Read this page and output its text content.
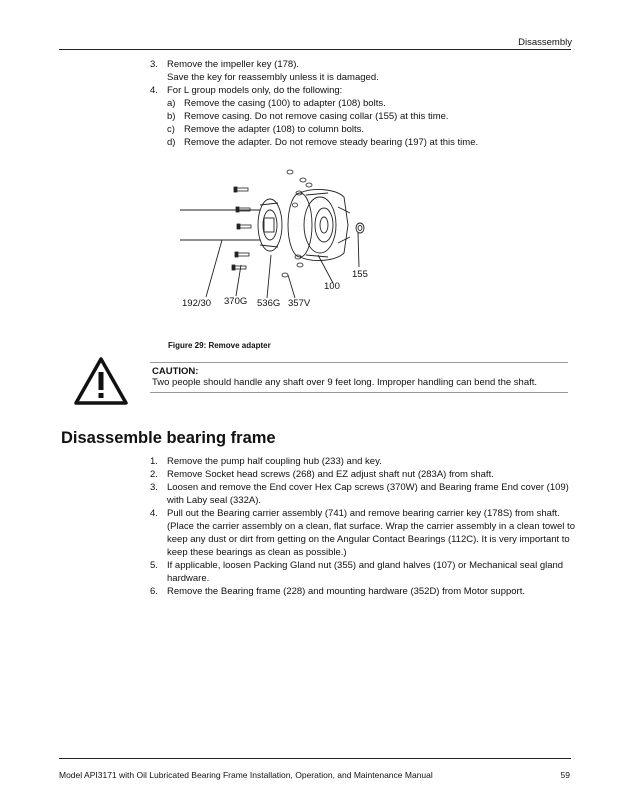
Disassembly
3. Remove the impeller key (178).
Save the key for reassembly unless it is damaged.
4. For L group models only, do the following:
a) Remove the casing (100) to adapter (108) bolts.
b) Remove casing. Do not remove casing collar (155) at this time.
c) Remove the adapter (108) to column bolts.
d) Remove the adapter. Do not remove steady bearing (197) at this time.
192/30 370G 536G 357V
100
155
Figure 29: Remove adapter
CAUTION:
Two people should handle any shaft over 9 feet long. Improper handling can bend the shaft.
Disassemble bearing frame
1. Remove the pump half coupling hub (233) and key.
2. Remove Socket head screws (268) and EZ adjust shaft nut (283A) from shaft.
3. Loosen and remove the End cover Hex Cap screws (370W) and Bearing frame End cover (109) with Laby seal (332A).
4. Pull out the Bearing carrier assembly (741) and remove bearing carrier key (178S) from shaft. (Place the carrier assembly on a clean, flat surface. Wrap the carrier assembly in a clean towel to keep any dust or dirt from getting on the Angular Contact Bearings (112C). It is very important to keep these bearings as clean as possible.)
5. If applicable, loosen Packing Gland nut (355) and gland halves (107) or Mechanical seal gland hardware.
6. Remove the Bearing frame (228) and mounting hardware (352D) from Motor support.
Model API3171 with Oil Lubricated Bearing Frame Installation, Operation, and Maintenance Manual	59
